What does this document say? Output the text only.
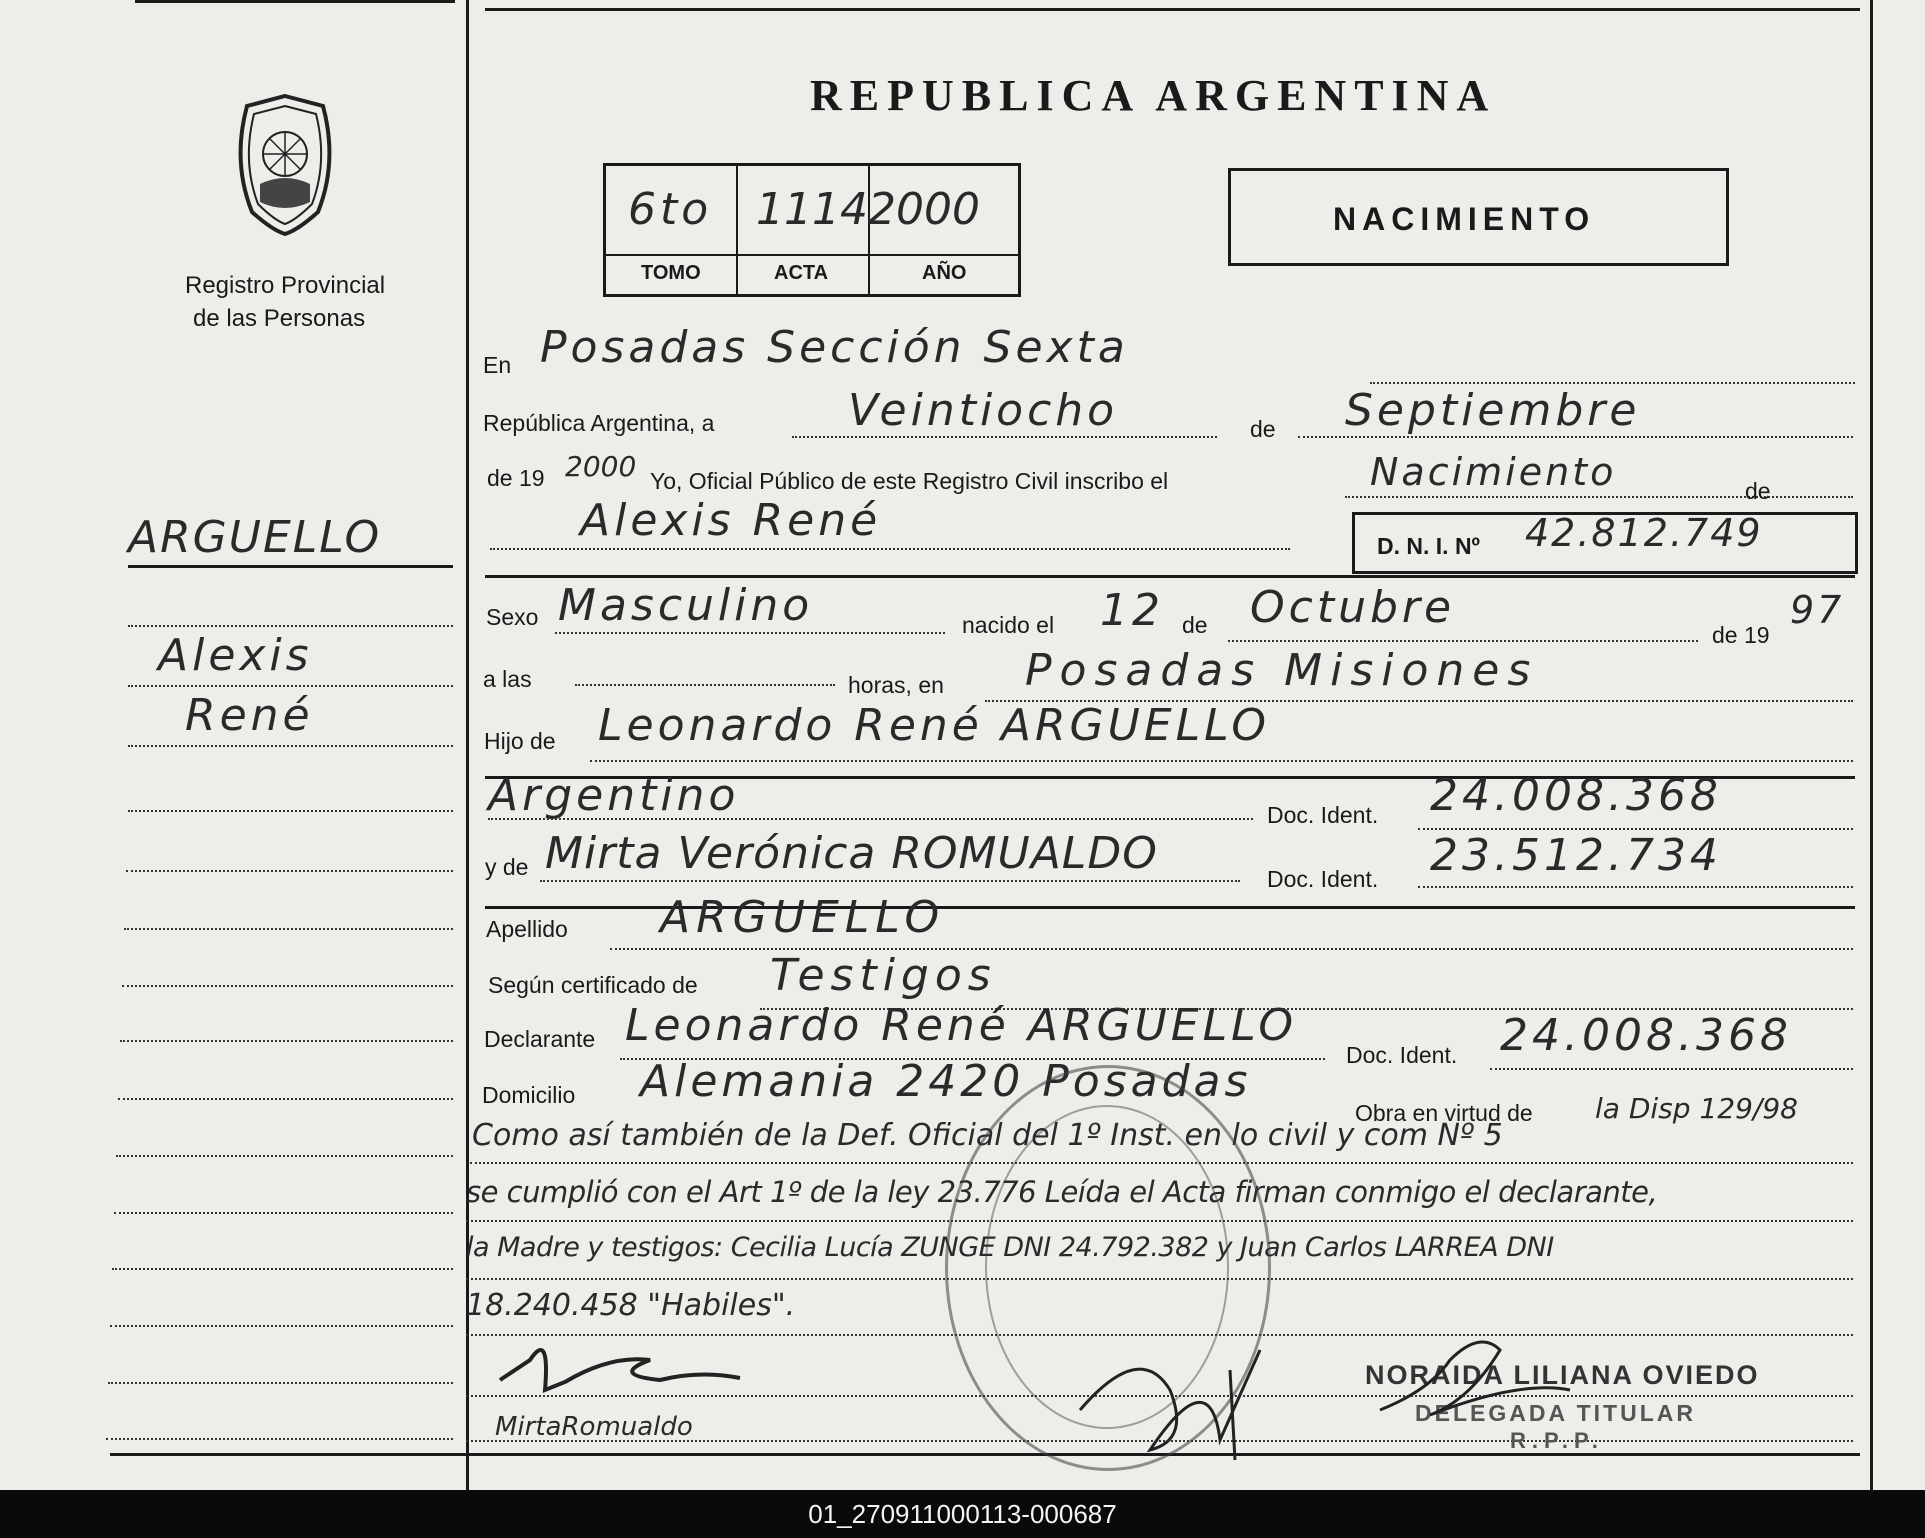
Registro Provincial
de las Personas
REPUBLICA ARGENTINA
6to 1114 2000
TOMO	ACTA	AÑO
NACIMIENTO
En Posadas Sección Sexta
República Argentina, a	Veintiocho	de Septiembre
de 19 2000 Yo, Oficial Público de este Registro Civil inscribo el	Nacimiento	de
Alexis René	D. N. I. Nº 42.812.749
Sexo Masculino	nacido el 12 de Octubre
de 19
97
a las	horas, en Posadas Misiones
Hijo de Leonardo René ARGUELLO
Argentino	Doc. Ident. 24.008.368
y de Mirta Verónica ROMUALDO	Doc. Ident. 23.512.734
Apellido ARGUELLO
Según certificado de Testigos
Declarante Leonardo René ARGUELLO
Doc. Ident. 24.008.368
Domicilio Alemania 2420 Posadas
Obra en virtud de la Disp 129/98
Como así también de la Def. Oficial del 1º Inst. en lo civil y com Nº 5
se cumplió con el Art 1º de la ley 23.776 Leída el Acta firman conmigo el declarante,
la Madre y testigos: Cecilia Lucía ZUNGE DNI 24.792.382 y Juan Carlos LARREA DNI
18.240.458 "Habiles".
MirtaRomualdo
NORAIDA LILIANA OVIEDO
DELEGADA TITULAR
R.P.P.
ARGUELLO
Alexis
René
01_270911000113-000687
